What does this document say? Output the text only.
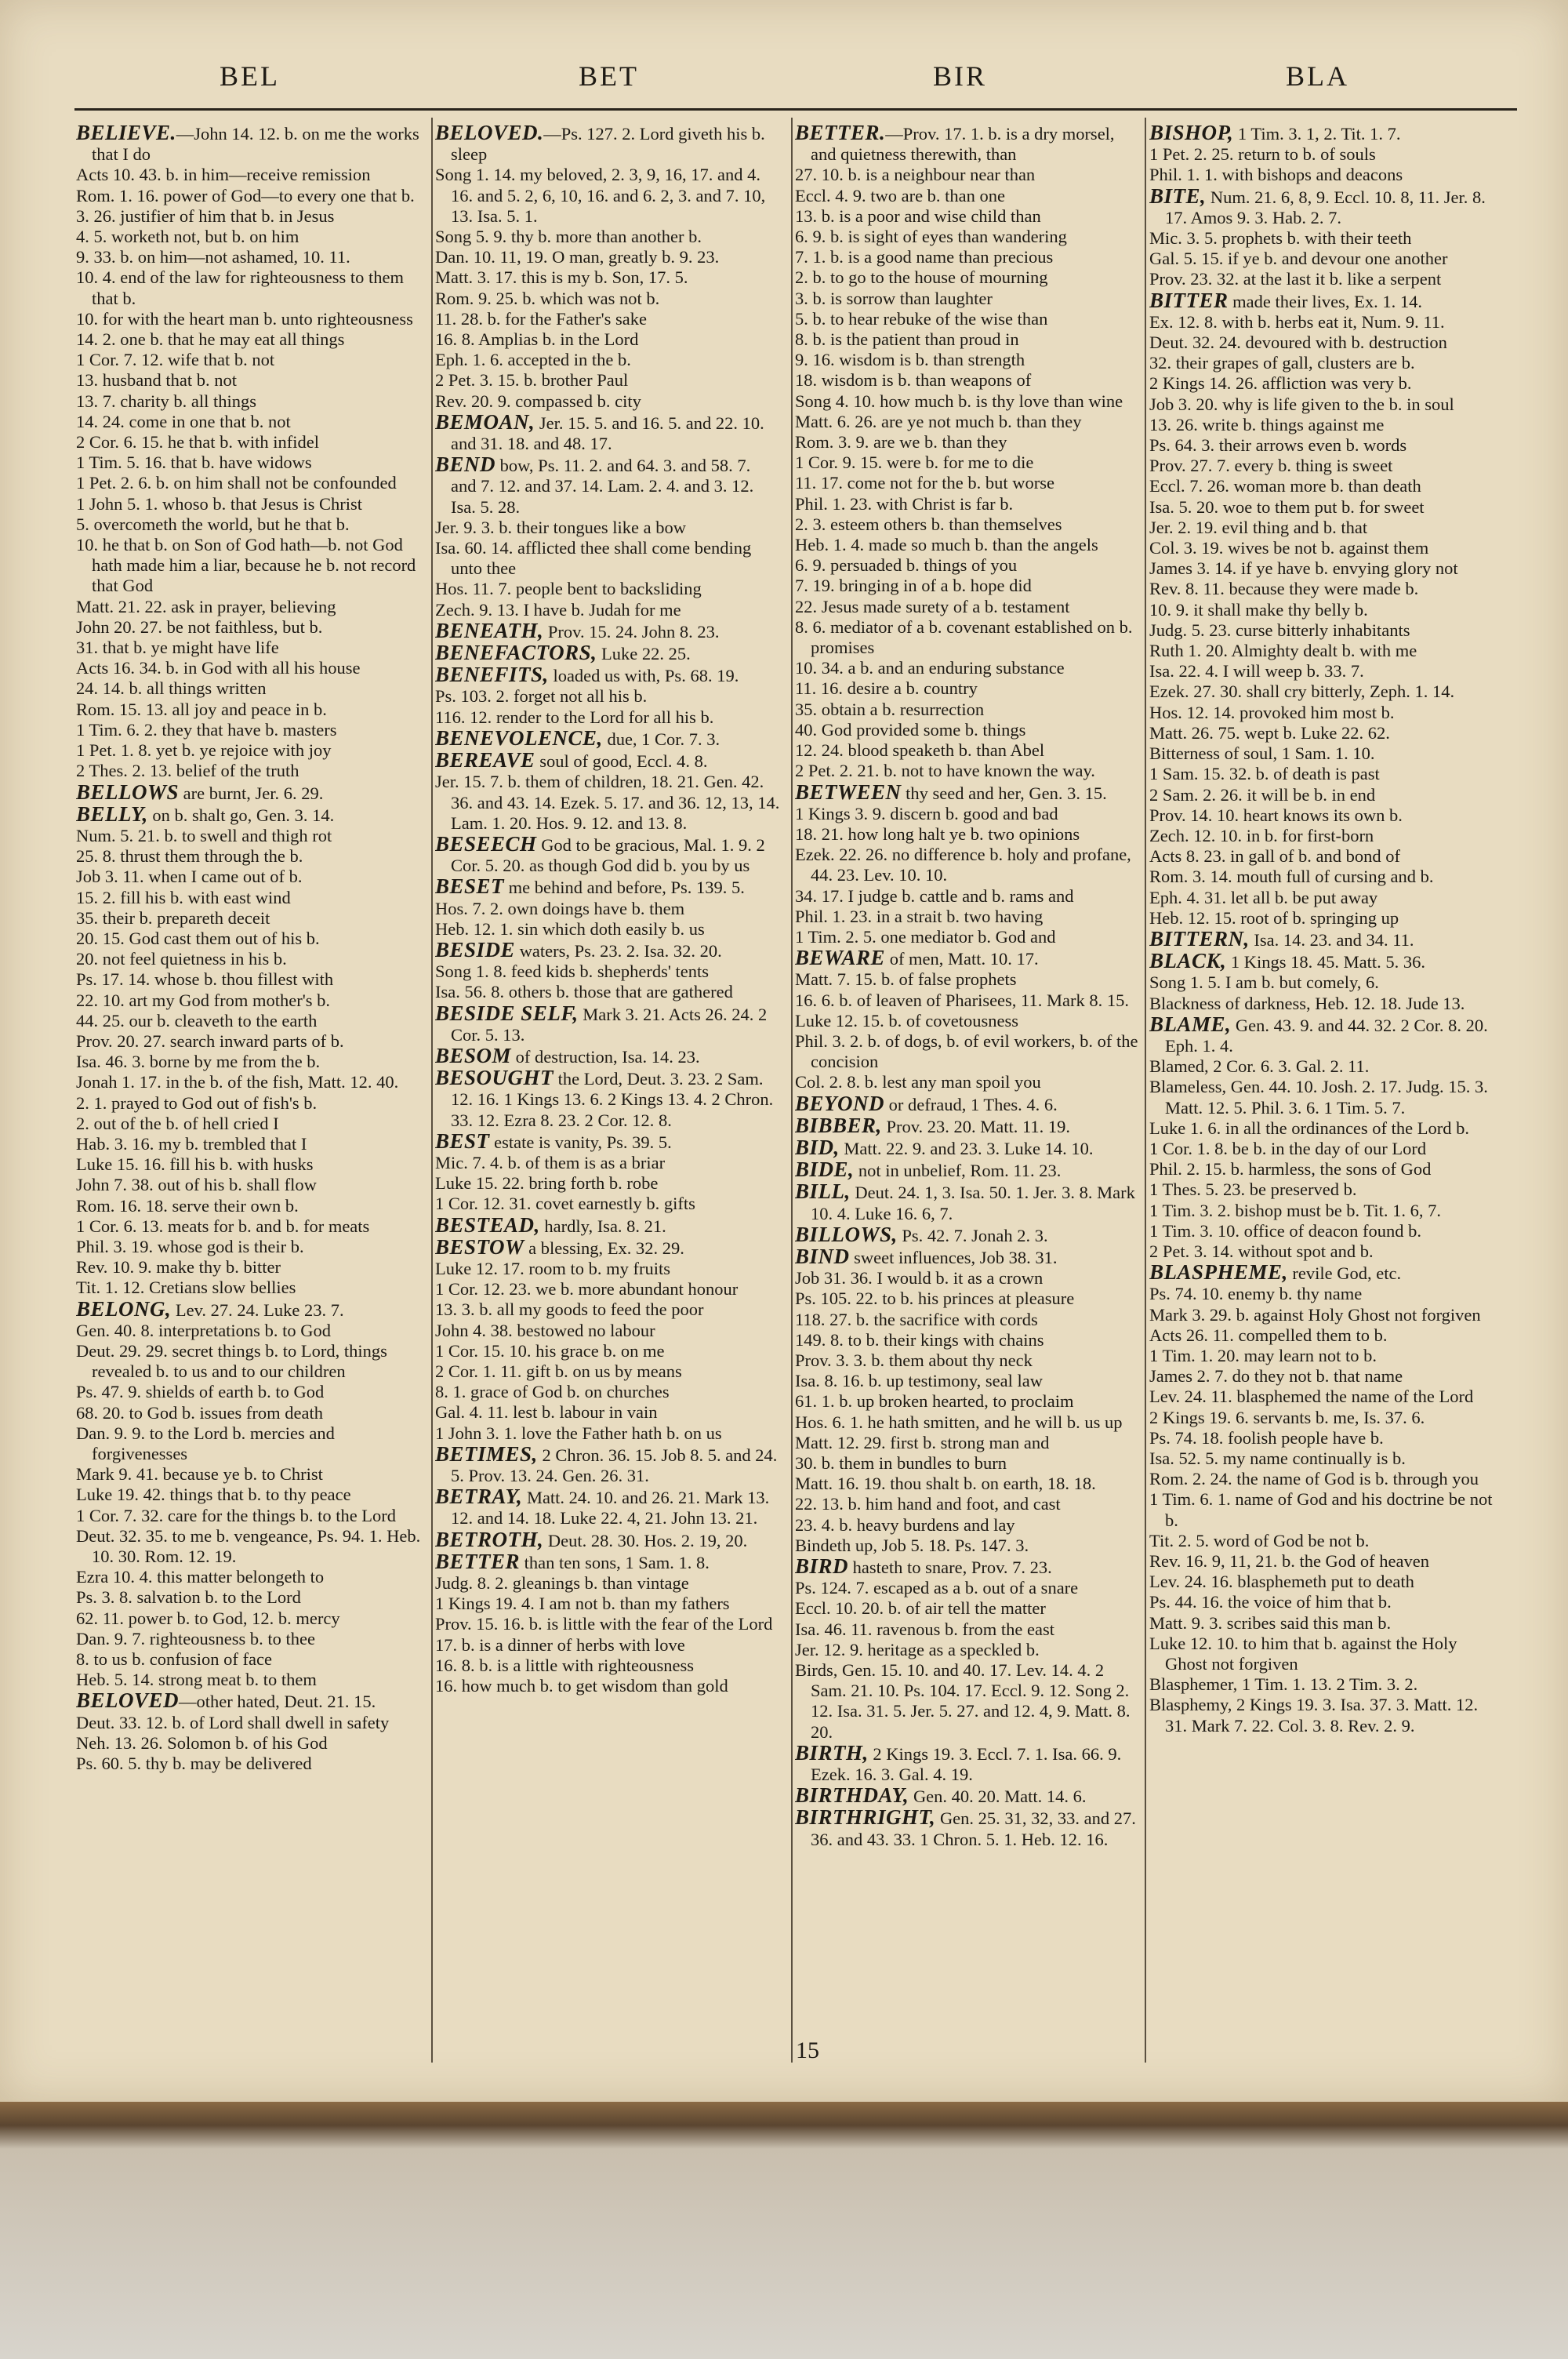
BEL	BET	BIR	BLA

BELIEVE.—John 14. 12. b. on me the works that I do

Acts 10. 43. b. in him—receive remission

Rom. 1. 16. power of God—to every one that b.

3. 26. justifier of him that b. in Jesus

4. 5. worketh not, but b. on him

9. 33. b. on him—not ashamed, 10. 11.

10. 4. end of the law for righteousness to them that b.

10. for with the heart man b. unto righteousness

14. 2. one b. that he may eat all things

1 Cor. 7. 12. wife that b. not

13. husband that b. not

13. 7. charity b. all things

14. 24. come in one that b. not

2 Cor. 6. 15. he that b. with infidel

1 Tim. 5. 16. that b. have widows

1 Pet. 2. 6. b. on him shall not be confounded

1 John 5. 1. whoso b. that Jesus is Christ

5. overcometh the world, but he that b.

10. he that b. on Son of God hath—b. not God hath made him a liar, because he b. not record that God

Matt. 21. 22. ask in prayer, believing

John 20. 27. be not faithless, but b.

31. that b. ye might have life

Acts 16. 34. b. in God with all his house

24. 14. b. all things written

Rom. 15. 13. all joy and peace in b.

1 Tim. 6. 2. they that have b. masters

1 Pet. 1. 8. yet b. ye rejoice with joy

2 Thes. 2. 13. belief of the truth

BELLOWS are burnt, Jer. 6. 29.

BELLY, on b. shalt go, Gen. 3. 14.

Num. 5. 21. b. to swell and thigh rot

25. 8. thrust them through the b.

Job 3. 11. when I came out of b.

15. 2. fill his b. with east wind

35. their b. prepareth deceit

20. 15. God cast them out of his b.

20. not feel quietness in his b.

Ps. 17. 14. whose b. thou fillest with

22. 10. art my God from mother's b.

44. 25. our b. cleaveth to the earth

Prov. 20. 27. search inward parts of b.

Isa. 46. 3. borne by me from the b.

Jonah 1. 17. in the b. of the fish, Matt. 12. 40.

2. 1. prayed to God out of fish's b.

2. out of the b. of hell cried I

Hab. 3. 16. my b. trembled that I

Luke 15. 16. fill his b. with husks

John 7. 38. out of his b. shall flow

Rom. 16. 18. serve their own b.

1 Cor. 6. 13. meats for b. and b. for meats

Phil. 3. 19. whose god is their b.

Rev. 10. 9. make thy b. bitter

Tit. 1. 12. Cretians slow bellies

BELONG, Lev. 27. 24. Luke 23. 7.

Gen. 40. 8. interpretations b. to God

Deut. 29. 29. secret things b. to Lord, things revealed b. to us and to our children

Ps. 47. 9. shields of earth b. to God

68. 20. to God b. issues from death

Dan. 9. 9. to the Lord b. mercies and forgivenesses

Mark 9. 41. because ye b. to Christ

Luke 19. 42. things that b. to thy peace

1 Cor. 7. 32. care for the things b. to the Lord

Deut. 32. 35. to me b. vengeance, Ps. 94. 1. Heb. 10. 30. Rom. 12. 19.

Ezra 10. 4. this matter belongeth to

Ps. 3. 8. salvation b. to the Lord

62. 11. power b. to God, 12. b. mercy

Dan. 9. 7. righteousness b. to thee

8. to us b. confusion of face

Heb. 5. 14. strong meat b. to them

BELOVED—other hated, Deut. 21. 15.

Deut. 33. 12. b. of Lord shall dwell in safety

Neh. 13. 26. Solomon b. of his God

Ps. 60. 5. thy b. may be delivered

BELOVED.—Ps. 127. 2. Lord giveth his b. sleep

Song 1. 14. my beloved, 2. 3, 9, 16, 17. and 4. 16. and 5. 2, 6, 10, 16. and 6. 2, 3. and 7. 10, 13. Isa. 5. 1.

Song 5. 9. thy b. more than another b.

Dan. 10. 11, 19. O man, greatly b. 9. 23.

Matt. 3. 17. this is my b. Son, 17. 5.

Rom. 9. 25. b. which was not b.

11. 28. b. for the Father's sake

16. 8. Amplias b. in the Lord

Eph. 1. 6. accepted in the b.

2 Pet. 3. 15. b. brother Paul

Rev. 20. 9. compassed b. city

BEMOAN, Jer. 15. 5. and 16. 5. and 22. 10. and 31. 18. and 48. 17.

BEND bow, Ps. 11. 2. and 64. 3. and 58. 7. and 7. 12. and 37. 14. Lam. 2. 4. and 3. 12. Isa. 5. 28.

Jer. 9. 3. b. their tongues like a bow

Isa. 60. 14. afflicted thee shall come bending unto thee

Hos. 11. 7. people bent to backsliding

Zech. 9. 13. I have b. Judah for me

BENEATH, Prov. 15. 24. John 8. 23.

BENEFACTORS, Luke 22. 25.

BENEFITS, loaded us with, Ps. 68. 19.

Ps. 103. 2. forget not all his b.

116. 12. render to the Lord for all his b.

BENEVOLENCE, due, 1 Cor. 7. 3.

BEREAVE soul of good, Eccl. 4. 8.

Jer. 15. 7. b. them of children, 18. 21. Gen. 42. 36. and 43. 14. Ezek. 5. 17. and 36. 12, 13, 14. Lam. 1. 20. Hos. 9. 12. and 13. 8.

BESEECH God to be gracious, Mal. 1. 9. 2 Cor. 5. 20. as though God did b. you by us

BESET me behind and before, Ps. 139. 5.

Hos. 7. 2. own doings have b. them

Heb. 12. 1. sin which doth easily b. us

BESIDE waters, Ps. 23. 2. Isa. 32. 20.

Song 1. 8. feed kids b. shepherds' tents

Isa. 56. 8. others b. those that are gathered

BESIDE SELF, Mark 3. 21. Acts 26. 24. 2 Cor. 5. 13.

BESOM of destruction, Isa. 14. 23.

BESOUGHT the Lord, Deut. 3. 23. 2 Sam. 12. 16. 1 Kings 13. 6. 2 Kings 13. 4. 2 Chron. 33. 12. Ezra 8. 23. 2 Cor. 12. 8.

BEST estate is vanity, Ps. 39. 5.

Mic. 7. 4. b. of them is as a briar

Luke 15. 22. bring forth b. robe

1 Cor. 12. 31. covet earnestly b. gifts

BESTEAD, hardly, Isa. 8. 21.

BESTOW a blessing, Ex. 32. 29.

Luke 12. 17. room to b. my fruits

1 Cor. 12. 23. we b. more abundant honour

13. 3. b. all my goods to feed the poor

John 4. 38. bestowed no labour

1 Cor. 15. 10. his grace b. on me

2 Cor. 1. 11. gift b. on us by means

8. 1. grace of God b. on churches

Gal. 4. 11. lest b. labour in vain

1 John 3. 1. love the Father hath b. on us

BETIMES, 2 Chron. 36. 15. Job 8. 5. and 24. 5. Prov. 13. 24. Gen. 26. 31.

BETRAY, Matt. 24. 10. and 26. 21. Mark 13. 12. and 14. 18. Luke 22. 4, 21. John 13. 21.

BETROTH, Deut. 28. 30. Hos. 2. 19, 20.

BETTER than ten sons, 1 Sam. 1. 8.

Judg. 8. 2. gleanings b. than vintage

1 Kings 19. 4. I am not b. than my fathers

Prov. 15. 16. b. is little with the fear of the Lord

17. b. is a dinner of herbs with love

16. 8. b. is a little with righteousness

16. how much b. to get wisdom than gold

BETTER.—Prov. 17. 1. b. is a dry morsel, and quietness therewith, than

27. 10. b. is a neighbour near than

Eccl. 4. 9. two are b. than one

13. b. is a poor and wise child than

6. 9. b. is sight of eyes than wandering

7. 1. b. is a good name than precious

2. b. to go to the house of mourning

3. b. is sorrow than laughter

5. b. to hear rebuke of the wise than

8. b. is the patient than proud in

9. 16. wisdom is b. than strength

18. wisdom is b. than weapons of

Song 4. 10. how much b. is thy love than wine

Matt. 6. 26. are ye not much b. than they

Rom. 3. 9. are we b. than they

1 Cor. 9. 15. were b. for me to die

11. 17. come not for the b. but worse

Phil. 1. 23. with Christ is far b.

2. 3. esteem others b. than themselves

Heb. 1. 4. made so much b. than the angels

6. 9. persuaded b. things of you

7. 19. bringing in of a b. hope did

22. Jesus made surety of a b. testament

8. 6. mediator of a b. covenant established on b. promises

10. 34. a b. and an enduring substance

11. 16. desire a b. country

35. obtain a b. resurrection

40. God provided some b. things

12. 24. blood speaketh b. than Abel

2 Pet. 2. 21. b. not to have known the way.

BETWEEN thy seed and her, Gen. 3. 15.

1 Kings 3. 9. discern b. good and bad

18. 21. how long halt ye b. two opinions

Ezek. 22. 26. no difference b. holy and profane, 44. 23. Lev. 10. 10.

34. 17. I judge b. cattle and b. rams and

Phil. 1. 23. in a strait b. two having

1 Tim. 2. 5. one mediator b. God and

BEWARE of men, Matt. 10. 17.

Matt. 7. 15. b. of false prophets

16. 6. b. of leaven of Pharisees, 11. Mark 8. 15.

Luke 12. 15. b. of covetousness

Phil. 3. 2. b. of dogs, b. of evil workers, b. of the concision

Col. 2. 8. b. lest any man spoil you

BEYOND or defraud, 1 Thes. 4. 6.

BIBBER, Prov. 23. 20. Matt. 11. 19.

BID, Matt. 22. 9. and 23. 3. Luke 14. 10.

BIDE, not in unbelief, Rom. 11. 23.

BILL, Deut. 24. 1, 3. Isa. 50. 1. Jer. 3. 8. Mark 10. 4. Luke 16. 6, 7.

BILLOWS, Ps. 42. 7. Jonah 2. 3.

BIND sweet influences, Job 38. 31.

Job 31. 36. I would b. it as a crown

Ps. 105. 22. to b. his princes at pleasure

118. 27. b. the sacrifice with cords

149. 8. to b. their kings with chains

Prov. 3. 3. b. them about thy neck

Isa. 8. 16. b. up testimony, seal law

61. 1. b. up broken hearted, to proclaim

Hos. 6. 1. he hath smitten, and he will b. us up

Matt. 12. 29. first b. strong man and

30. b. them in bundles to burn

Matt. 16. 19. thou shalt b. on earth, 18. 18.

22. 13. b. him hand and foot, and cast

23. 4. b. heavy burdens and lay

Bindeth up, Job 5. 18. Ps. 147. 3.

BIRD hasteth to snare, Prov. 7. 23.

Ps. 124. 7. escaped as a b. out of a snare

Eccl. 10. 20. b. of air tell the matter

Isa. 46. 11. ravenous b. from the east

Jer. 12. 9. heritage as a speckled b.

Birds, Gen. 15. 10. and 40. 17. Lev. 14. 4. 2 Sam. 21. 10. Ps. 104. 17. Eccl. 9. 12. Song 2. 12. Isa. 31. 5. Jer. 5. 27. and 12. 4, 9. Matt. 8. 20.

BIRTH, 2 Kings 19. 3. Eccl. 7. 1. Isa. 66. 9. Ezek. 16. 3. Gal. 4. 19.

BIRTHDAY, Gen. 40. 20. Matt. 14. 6.

BIRTHRIGHT, Gen. 25. 31, 32, 33. and 27. 36. and 43. 33. 1 Chron. 5. 1. Heb. 12. 16.

BISHOP, 1 Tim. 3. 1, 2. Tit. 1. 7.

1 Pet. 2. 25. return to b. of souls

Phil. 1. 1. with bishops and deacons

BITE, Num. 21. 6, 8, 9. Eccl. 10. 8, 11. Jer. 8. 17. Amos 9. 3. Hab. 2. 7.

Mic. 3. 5. prophets b. with their teeth

Gal. 5. 15. if ye b. and devour one another

Prov. 23. 32. at the last it b. like a serpent

BITTER made their lives, Ex. 1. 14.

Ex. 12. 8. with b. herbs eat it, Num. 9. 11.

Deut. 32. 24. devoured with b. destruction

32. their grapes of gall, clusters are b.

2 Kings 14. 26. affliction was very b.

Job 3. 20. why is life given to the b. in soul

13. 26. write b. things against me

Ps. 64. 3. their arrows even b. words

Prov. 27. 7. every b. thing is sweet

Eccl. 7. 26. woman more b. than death

Isa. 5. 20. woe to them put b. for sweet

Jer. 2. 19. evil thing and b. that

Col. 3. 19. wives be not b. against them

James 3. 14. if ye have b. envying glory not

Rev. 8. 11. because they were made b.

10. 9. it shall make thy belly b.

Judg. 5. 23. curse bitterly inhabitants

Ruth 1. 20. Almighty dealt b. with me

Isa. 22. 4. I will weep b. 33. 7.

Ezek. 27. 30. shall cry bitterly, Zeph. 1. 14.

Hos. 12. 14. provoked him most b.

Matt. 26. 75. wept b. Luke 22. 62.

Bitterness of soul, 1 Sam. 1. 10.

1 Sam. 15. 32. b. of death is past

2 Sam. 2. 26. it will be b. in end

Prov. 14. 10. heart knows its own b.

Zech. 12. 10. in b. for first-born

Acts 8. 23. in gall of b. and bond of

Rom. 3. 14. mouth full of cursing and b.

Eph. 4. 31. let all b. be put away

Heb. 12. 15. root of b. springing up

BITTERN, Isa. 14. 23. and 34. 11.

BLACK, 1 Kings 18. 45. Matt. 5. 36.

Song 1. 5. I am b. but comely, 6.

Blackness of darkness, Heb. 12. 18. Jude 13.

BLAME, Gen. 43. 9. and 44. 32. 2 Cor. 8. 20. Eph. 1. 4.

Blamed, 2 Cor. 6. 3. Gal. 2. 11.

Blameless, Gen. 44. 10. Josh. 2. 17. Judg. 15. 3. Matt. 12. 5. Phil. 3. 6. 1 Tim. 5. 7.

Luke 1. 6. in all the ordinances of the Lord b.

1 Cor. 1. 8. be b. in the day of our Lord

Phil. 2. 15. b. harmless, the sons of God

1 Thes. 5. 23. be preserved b.

1 Tim. 3. 2. bishop must be b. Tit. 1. 6, 7.

1 Tim. 3. 10. office of deacon found b.

2 Pet. 3. 14. without spot and b.

BLASPHEME, revile God, etc.

Ps. 74. 10. enemy b. thy name

Mark 3. 29. b. against Holy Ghost not forgiven

Acts 26. 11. compelled them to b.

1 Tim. 1. 20. may learn not to b.

James 2. 7. do they not b. that name

Lev. 24. 11. blasphemed the name of the Lord

2 Kings 19. 6. servants b. me, Is. 37. 6.

Ps. 74. 18. foolish people have b.

Isa. 52. 5. my name continually is b.

Rom. 2. 24. the name of God is b. through you

1 Tim. 6. 1. name of God and his doctrine be not b.

Tit. 2. 5. word of God be not b.

Rev. 16. 9, 11, 21. b. the God of heaven

Lev. 24. 16. blasphemeth put to death

Ps. 44. 16. the voice of him that b.

Matt. 9. 3. scribes said this man b.

Luke 12. 10. to him that b. against the Holy Ghost not forgiven

Blasphemer, 1 Tim. 1. 13. 2 Tim. 3. 2.

Blasphemy, 2 Kings 19. 3. Isa. 37. 3. Matt. 12. 31. Mark 7. 22. Col. 3. 8. Rev. 2. 9.

15
